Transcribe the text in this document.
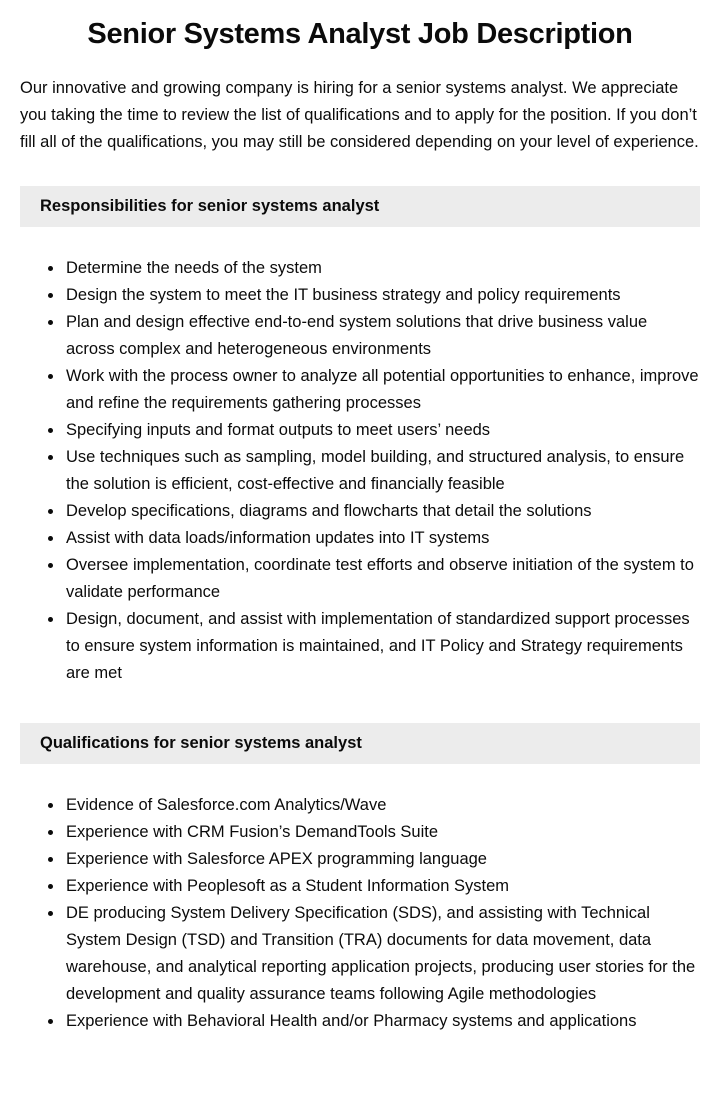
Senior Systems Analyst Job Description

Our innovative and growing company is hiring for a senior systems analyst. We appreciate you taking the time to review the list of qualifications and to apply for the position. If you don’t fill all of the qualifications, you may still be considered depending on your level of experience.

Responsibilities for senior systems analyst
• Determine the needs of the system
• Design the system to meet the IT business strategy and policy requirements
• Plan and design effective end-to-end system solutions that drive business value across complex and heterogeneous environments
• Work with the process owner to analyze all potential opportunities to enhance, improve and refine the requirements gathering processes
• Specifying inputs and format outputs to meet users’ needs
• Use techniques such as sampling, model building, and structured analysis, to ensure the solution is efficient, cost-effective and financially feasible
• Develop specifications, diagrams and flowcharts that detail the solutions
• Assist with data loads/information updates into IT systems
• Oversee implementation, coordinate test efforts and observe initiation of the system to validate performance
• Design, document, and assist with implementation of standardized support processes to ensure system information is maintained, and IT Policy and Strategy requirements are met
Qualifications for senior systems analyst
• Evidence of Salesforce.com Analytics/Wave
• Experience with CRM Fusion’s DemandTools Suite
• Experience with Salesforce APEX programming language
• Experience with Peoplesoft as a Student Information System
• DE producing System Delivery Specification (SDS), and assisting with Technical System Design (TSD) and Transition (TRA) documents for data movement, data warehouse, and analytical reporting application projects, producing user stories for the development and quality assurance teams following Agile methodologies
• Experience with Behavioral Health and/or Pharmacy systems and applications
